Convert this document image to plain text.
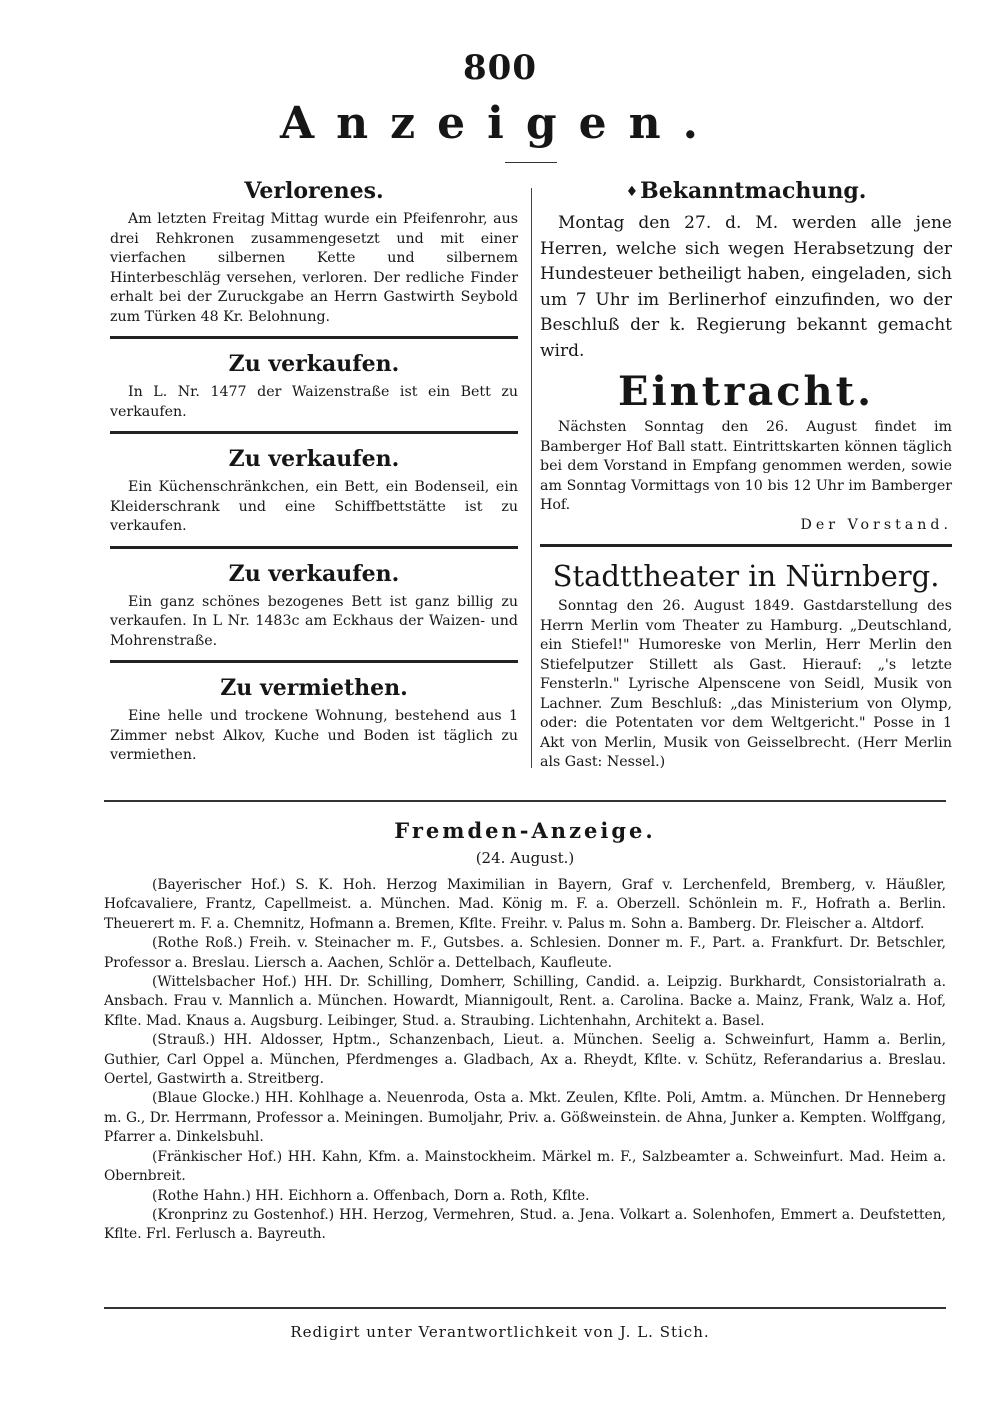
800
Anzeigen.
Verlorenes.

Am letzten Freitag Mittag wurde ein Pfeifenrohr, aus drei Rehkronen zusammengesetzt und mit einer vierfachen silbernen Kette und silbernem Hinterbeschläg versehen, verloren. Der redliche Finder erhalt bei der Zuruckgabe an Herrn Gastwirth Seybold zum Türken 48 Kr. Belohnung.

Zu verkaufen.

In L. Nr. 1477 der Waizenstraße ist ein Bett zu verkaufen.

Zu verkaufen.

Ein Küchenschränkchen, ein Bett, ein Bodenseil, ein Kleiderschrank und eine Schiffbettstätte ist zu verkaufen.

Zu verkaufen.

Ein ganz schönes bezogenes Bett ist ganz billig zu verkaufen. In L Nr. 1483c am Eckhaus der Waizen- und Mohrenstraße.

Zu vermiethen.

Eine helle und trockene Wohnung, bestehend aus 1 Zimmer nebst Alkov, Kuche und Boden ist täglich zu vermiethen.

♦Bekanntmachung.

Montag den 27. d. M. werden alle jene Herren, welche sich wegen Herabsetzung der Hundesteuer betheiligt haben, eingeladen, sich um 7 Uhr im Berlinerhof einzufinden, wo der Beschluß der k. Regierung bekannt gemacht wird.

Eintracht.

Nächsten Sonntag den 26. August findet im Bamberger Hof Ball statt. Eintrittskarten können täglich bei dem Vorstand in Empfang genommen werden, sowie am Sonntag Vormittags von 10 bis 12 Uhr im Bamberger Hof.

Der Vorstand.

Stadttheater in Nürnberg.

Sonntag den 26. August 1849. Gastdarstellung des Herrn Merlin vom Theater zu Hamburg. „Deutschland, ein Stiefel!" Humoreske von Merlin, Herr Merlin den Stiefelputzer Stillett als Gast. Hierauf: „'s letzte Fensterln." Lyrische Alpenscene von Seidl, Musik von Lachner. Zum Beschluß: „das Ministerium von Olymp, oder: die Potentaten vor dem Weltgericht." Posse in 1 Akt von Merlin, Musik von Geisselbrecht. (Herr Merlin als Gast: Nessel.)

Fremden-Anzeige.
(24. August.)

(Bayerischer Hof.) S. K. Hoh. Herzog Maximilian in Bayern, Graf v. Lerchenfeld, Bremberg, v. Häußler, Hofcavaliere, Frantz, Capellmeist. a. München. Mad. König m. F. a. Oberzell. Schönlein m. F., Hofrath a. Berlin. Theuerert m. F. a. Chemnitz, Hofmann a. Bremen, Kflte. Freihr. v. Palus m. Sohn a. Bamberg. Dr. Fleischer a. Altdorf.

(Rothe Roß.) Freih. v. Steinacher m. F., Gutsbes. a. Schlesien. Donner m. F., Part. a. Frankfurt. Dr. Betschler, Professor a. Breslau. Liersch a. Aachen, Schlör a. Dettelbach, Kaufleute.

(Wittelsbacher Hof.) HH. Dr. Schilling, Domherr, Schilling, Candid. a. Leipzig. Burkhardt, Consistorialrath a. Ansbach. Frau v. Mannlich a. München. Howardt, Miannigoult, Rent. a. Carolina. Backe a. Mainz, Frank, Walz a. Hof, Kflte. Mad. Knaus a. Augsburg. Leibinger, Stud. a. Straubing. Lichtenhahn, Architekt a. Basel.

(Strauß.) HH. Aldosser, Hptm., Schanzenbach, Lieut. a. München. Seelig a. Schweinfurt, Hamm a. Berlin, Guthier, Carl Oppel a. München, Pferdmenges a. Gladbach, Ax a. Rheydt, Kflte. v. Schütz, Referandarius a. Breslau. Oertel, Gastwirth a. Streitberg.

(Blaue Glocke.) HH. Kohlhage a. Neuenroda, Osta a. Mkt. Zeulen, Kflte. Poli, Amtm. a. München. Dr Henneberg m. G., Dr. Herrmann, Professor a. Meiningen. Bumoljahr, Priv. a. Gößweinstein. de Ahna, Junker a. Kempten. Wolffgang, Pfarrer a. Dinkelsbuhl.

(Fränkischer Hof.) HH. Kahn, Kfm. a. Mainstockheim. Märkel m. F., Salzbeamter a. Schweinfurt. Mad. Heim a. Obernbreit.

(Rothe Hahn.) HH. Eichhorn a. Offenbach, Dorn a. Roth, Kflte.

(Kronprinz zu Gostenhof.) HH. Herzog, Vermehren, Stud. a. Jena. Volkart a. Solenhofen, Emmert a. Deufstetten, Kflte. Frl. Ferlusch a. Bayreuth.

Redigirt unter Verantwortlichkeit von J. L. Stich.
